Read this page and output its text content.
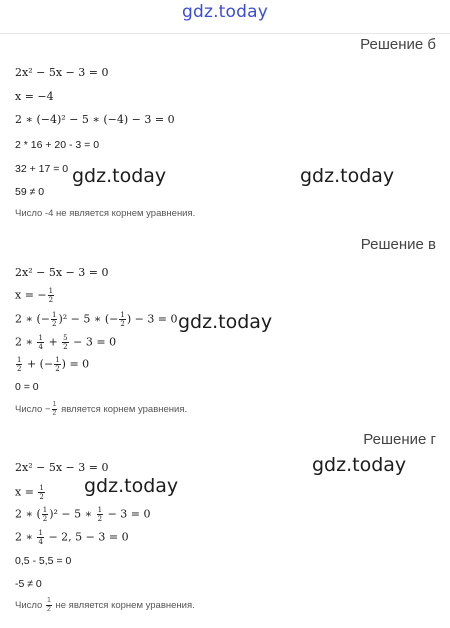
gdz.today
Решение б
2x² − 5x − 3 = 0
x = −4
2 ∗ (−4)² − 5 ∗ (−4) − 3 = 0
2 * 16 + 20 - 3 = 0
32 + 17 = 0
59 ≠ 0
Число -4 не является корнем уравнения.
Решение в
2x² − 5x − 3 = 0
x = − $\frac{1}{2}$
2 ∗ (− $\frac{1}{2} )^2 - 5$ ∗ (− $\frac{1}{2}$ ) − 3 = 0
2 ∗ $\frac{1}{4} + \frac{5}{2} - 3 = 0$
$\frac{1}{2}$ + (− $\frac{1}{2}$ ) = 0
0 = 0
Число − $\frac{1}{2}$ является корнем уравнения.
Решение г
2x² − 5x − 3 = 0
$x = \frac{1}{2}$
2 ∗ ( $\frac{1}{2} )^2 - 5$ ∗ $\frac{1}{2} - 3 = 0$
2 ∗ $\frac{1}{4} - 2$, 5 − 3 = 0
0,5 - 5,5 = 0
-5 ≠ 0
Число $\frac{1}{2}$ не является корнем уравнения.
gdz.today	gdz.today
gdz.today
gdz.today
gdz.today
